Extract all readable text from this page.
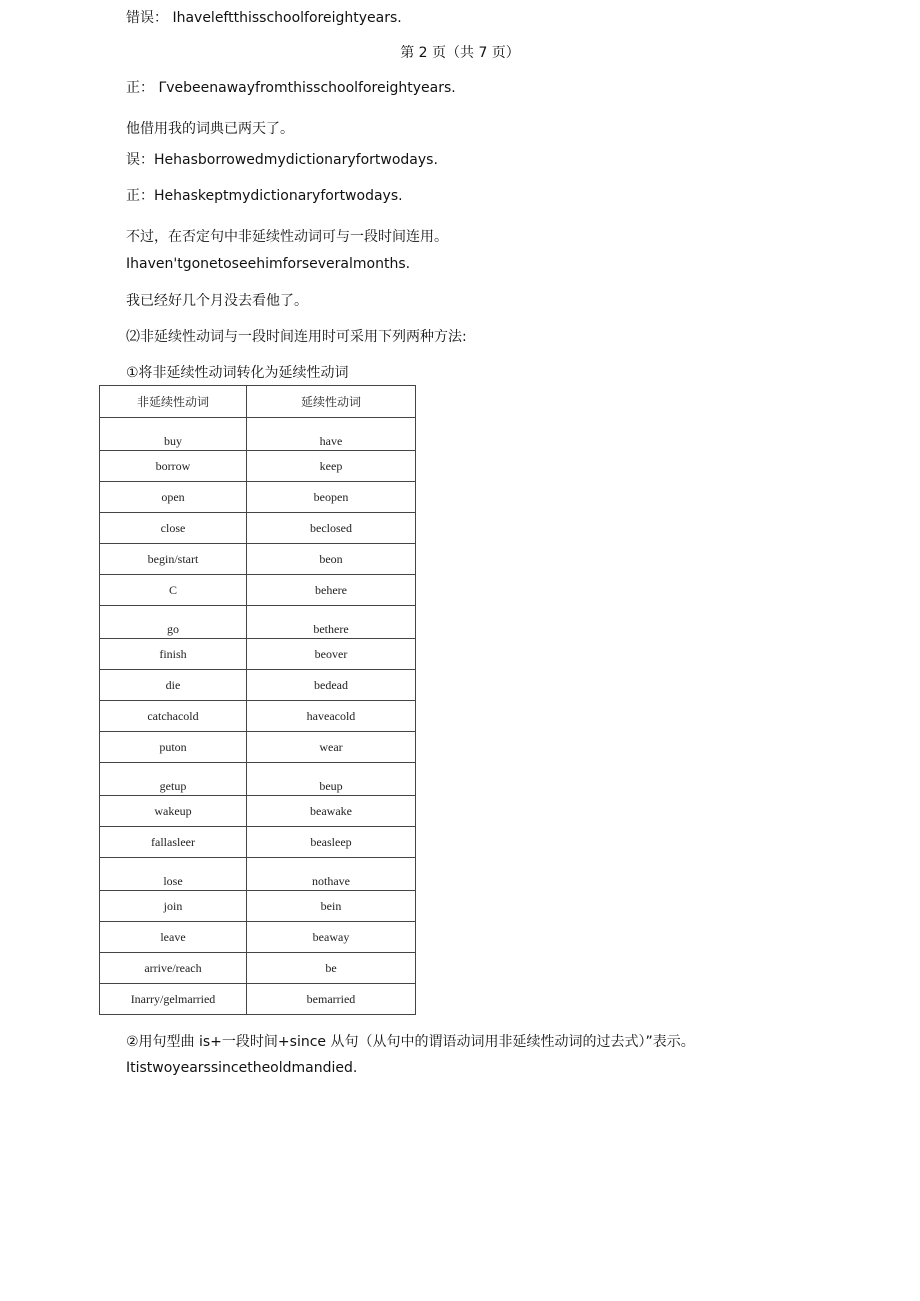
错误： Ihaveleftthisschoolforeightyears.
第 2 页（共 7 页）
正： Γvebeenawayfromthisschoolforeightyears.
他借用我的词典已两天了。
误：Hehasborrowedmydictionaryfortwodays.
正：Hehaskeptmydictionaryfortwodays.
不过，在否定句中非延续性动词可与一段时间连用。
Ihaven'tgonetoseehimforseveralmonths.
我已经好几个月没去看他了。
⑵非延续性动词与一段时间连用时可采用下列两种方法:
①将非延续性动词转化为延续性动词
非延续性动词	延续性动词
buy	have
borrow	keep
open	beopen
close	beclosed
begin/start	beon
C	behere
go	bethere
finish	beover
die	bedead
catchacold	haveacold
puton	wear
getup	beup
wakeup	beawake
fallasleer	beasleep
lose	nothave
join	bein
leave	beaway
arrive/reach	be
Inarry/gelmarried	bemarried
②用句型曲 is+一段时间+since 从句（从句中的谓语动词用非延续性动词的过去式）”表示。
Itistwoyearssincetheoldmandied.
